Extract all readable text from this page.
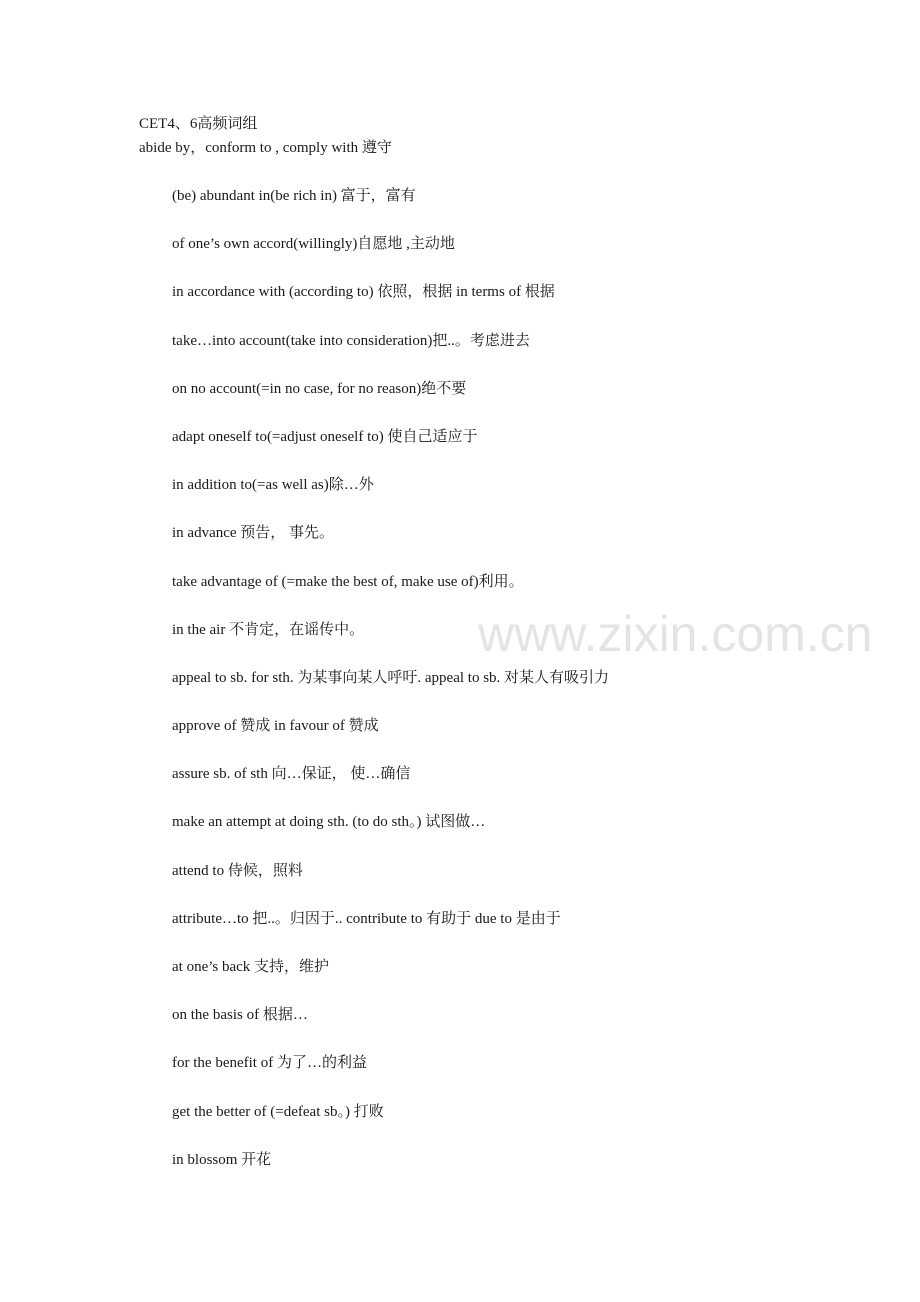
CET4、6高频词组
abide by，conform to , comply with 遵守
(be) abundant in(be rich in) 富于，富有
of one’s own accord(willingly)自愿地 ,主动地
in accordance with (according to) 依照，根据 in terms of 根据
take…into account(take into consideration)把..。考虑进去
on no account(=in no case, for no reason)绝不要
adapt oneself to(=adjust oneself to) 使自己适应于
in addition to(=as well as)除…外
in advance 预告， 事先。
take advantage of (=make the best of, make use of)利用。
in the air 不肯定，在谣传中。
appeal to sb. for sth. 为某事向某人呼吁. appeal to sb. 对某人有吸引力
approve of 赞成 in favour of 赞成
assure sb. of sth 向…保证， 使…确信
make an attempt at doing sth. (to do sth。) 试图做…
attend to 侍候，照料
attribute…to 把..。归因于.. contribute to 有助于 due to 是由于
at one’s back 支持，维护
on the basis of 根据…
for the benefit of 为了…的利益
get the better of (=defeat sb。) 打败
in blossom 开花
www.zixin.com.cn
